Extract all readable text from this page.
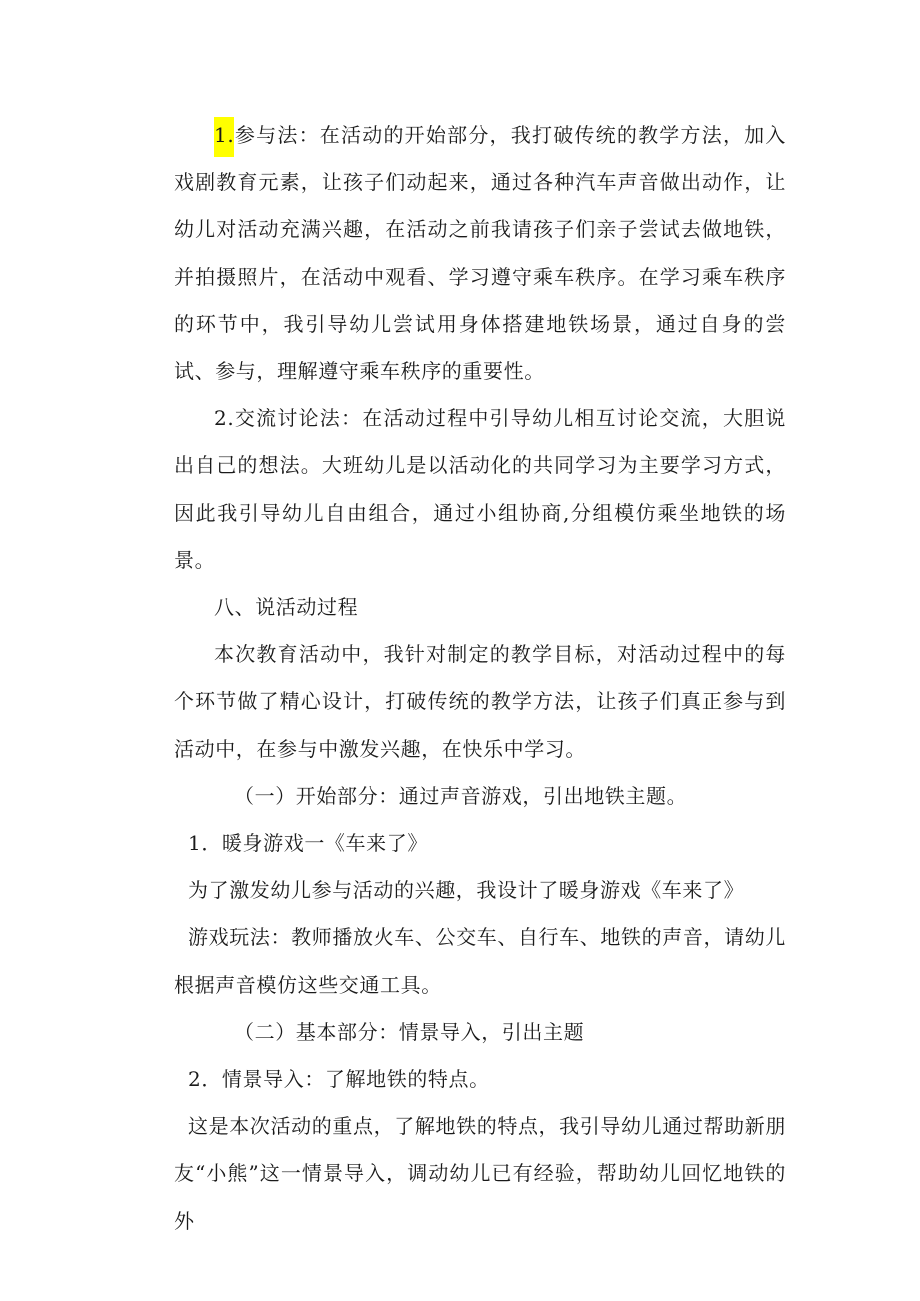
1.参与法：在活动的开始部分，我打破传统的教学方法，加入戏剧教育元素，让孩子们动起来，通过各种汽车声音做出动作，让幼儿对活动充满兴趣，在活动之前我请孩子们亲子尝试去做地铁，并拍摄照片，在活动中观看、学习遵守乘车秩序。在学习乘车秩序的环节中，我引导幼儿尝试用身体搭建地铁场景，通过自身的尝试、参与，理解遵守乘车秩序的重要性。

2.交流讨论法：在活动过程中引导幼儿相互讨论交流，大胆说出自己的想法。大班幼儿是以活动化的共同学习为主要学习方式，因此我引导幼儿自由组合，通过小组协商,分组模仿乘坐地铁的场景。

八、说活动过程

本次教育活动中，我针对制定的教学目标，对活动过程中的每个环节做了精心设计，打破传统的教学方法，让孩子们真正参与到活动中，在参与中激发兴趣，在快乐中学习。

（一）开始部分：通过声音游戏，引出地铁主题。

1．暖身游戏一《车来了》

为了激发幼儿参与活动的兴趣，我设计了暖身游戏《车来了》

游戏玩法：教师播放火车、公交车、自行车、地铁的声音，请幼儿根据声音模仿这些交通工具。

（二）基本部分：情景导入，引出主题

2．情景导入：了解地铁的特点。

这是本次活动的重点，了解地铁的特点，我引导幼儿通过帮助新朋友“小熊”这一情景导入，调动幼儿已有经验，帮助幼儿回忆地铁的外
